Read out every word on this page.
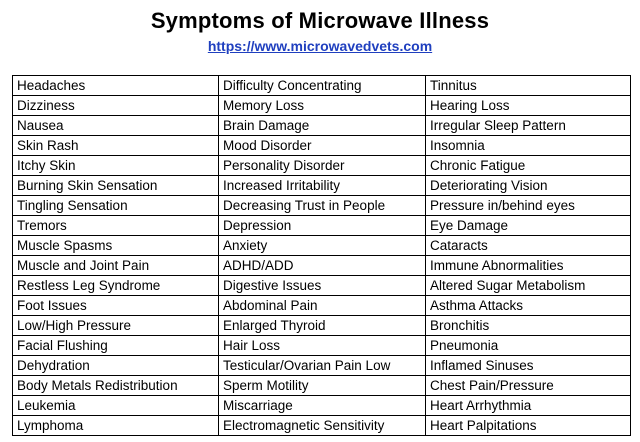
Symptoms of Microwave Illness
https://www.microwavedvets.com
Headaches	Difficulty Concentrating	Tinnitus
Dizziness	Memory Loss	Hearing Loss
Nausea	Brain Damage	Irregular Sleep Pattern
Skin Rash	Mood Disorder	Insomnia
Itchy Skin	Personality Disorder	Chronic Fatigue
Burning Skin Sensation	Increased Irritability	Deteriorating Vision
Tingling Sensation	Decreasing Trust in People	Pressure in/behind eyes
Tremors	Depression	Eye Damage
Muscle Spasms	Anxiety	Cataracts
Muscle and Joint Pain	ADHD/ADD	Immune Abnormalities
Restless Leg Syndrome	Digestive Issues	Altered Sugar Metabolism
Foot Issues	Abdominal Pain	Asthma Attacks
Low/High Pressure	Enlarged Thyroid	Bronchitis
Facial Flushing	Hair Loss	Pneumonia
Dehydration	Testicular/Ovarian Pain Low	Inflamed Sinuses
Body Metals Redistribution	Sperm Motility	Chest Pain/Pressure
Leukemia	Miscarriage	Heart Arrhythmia
Lymphoma	Electromagnetic Sensitivity	Heart Palpitations
